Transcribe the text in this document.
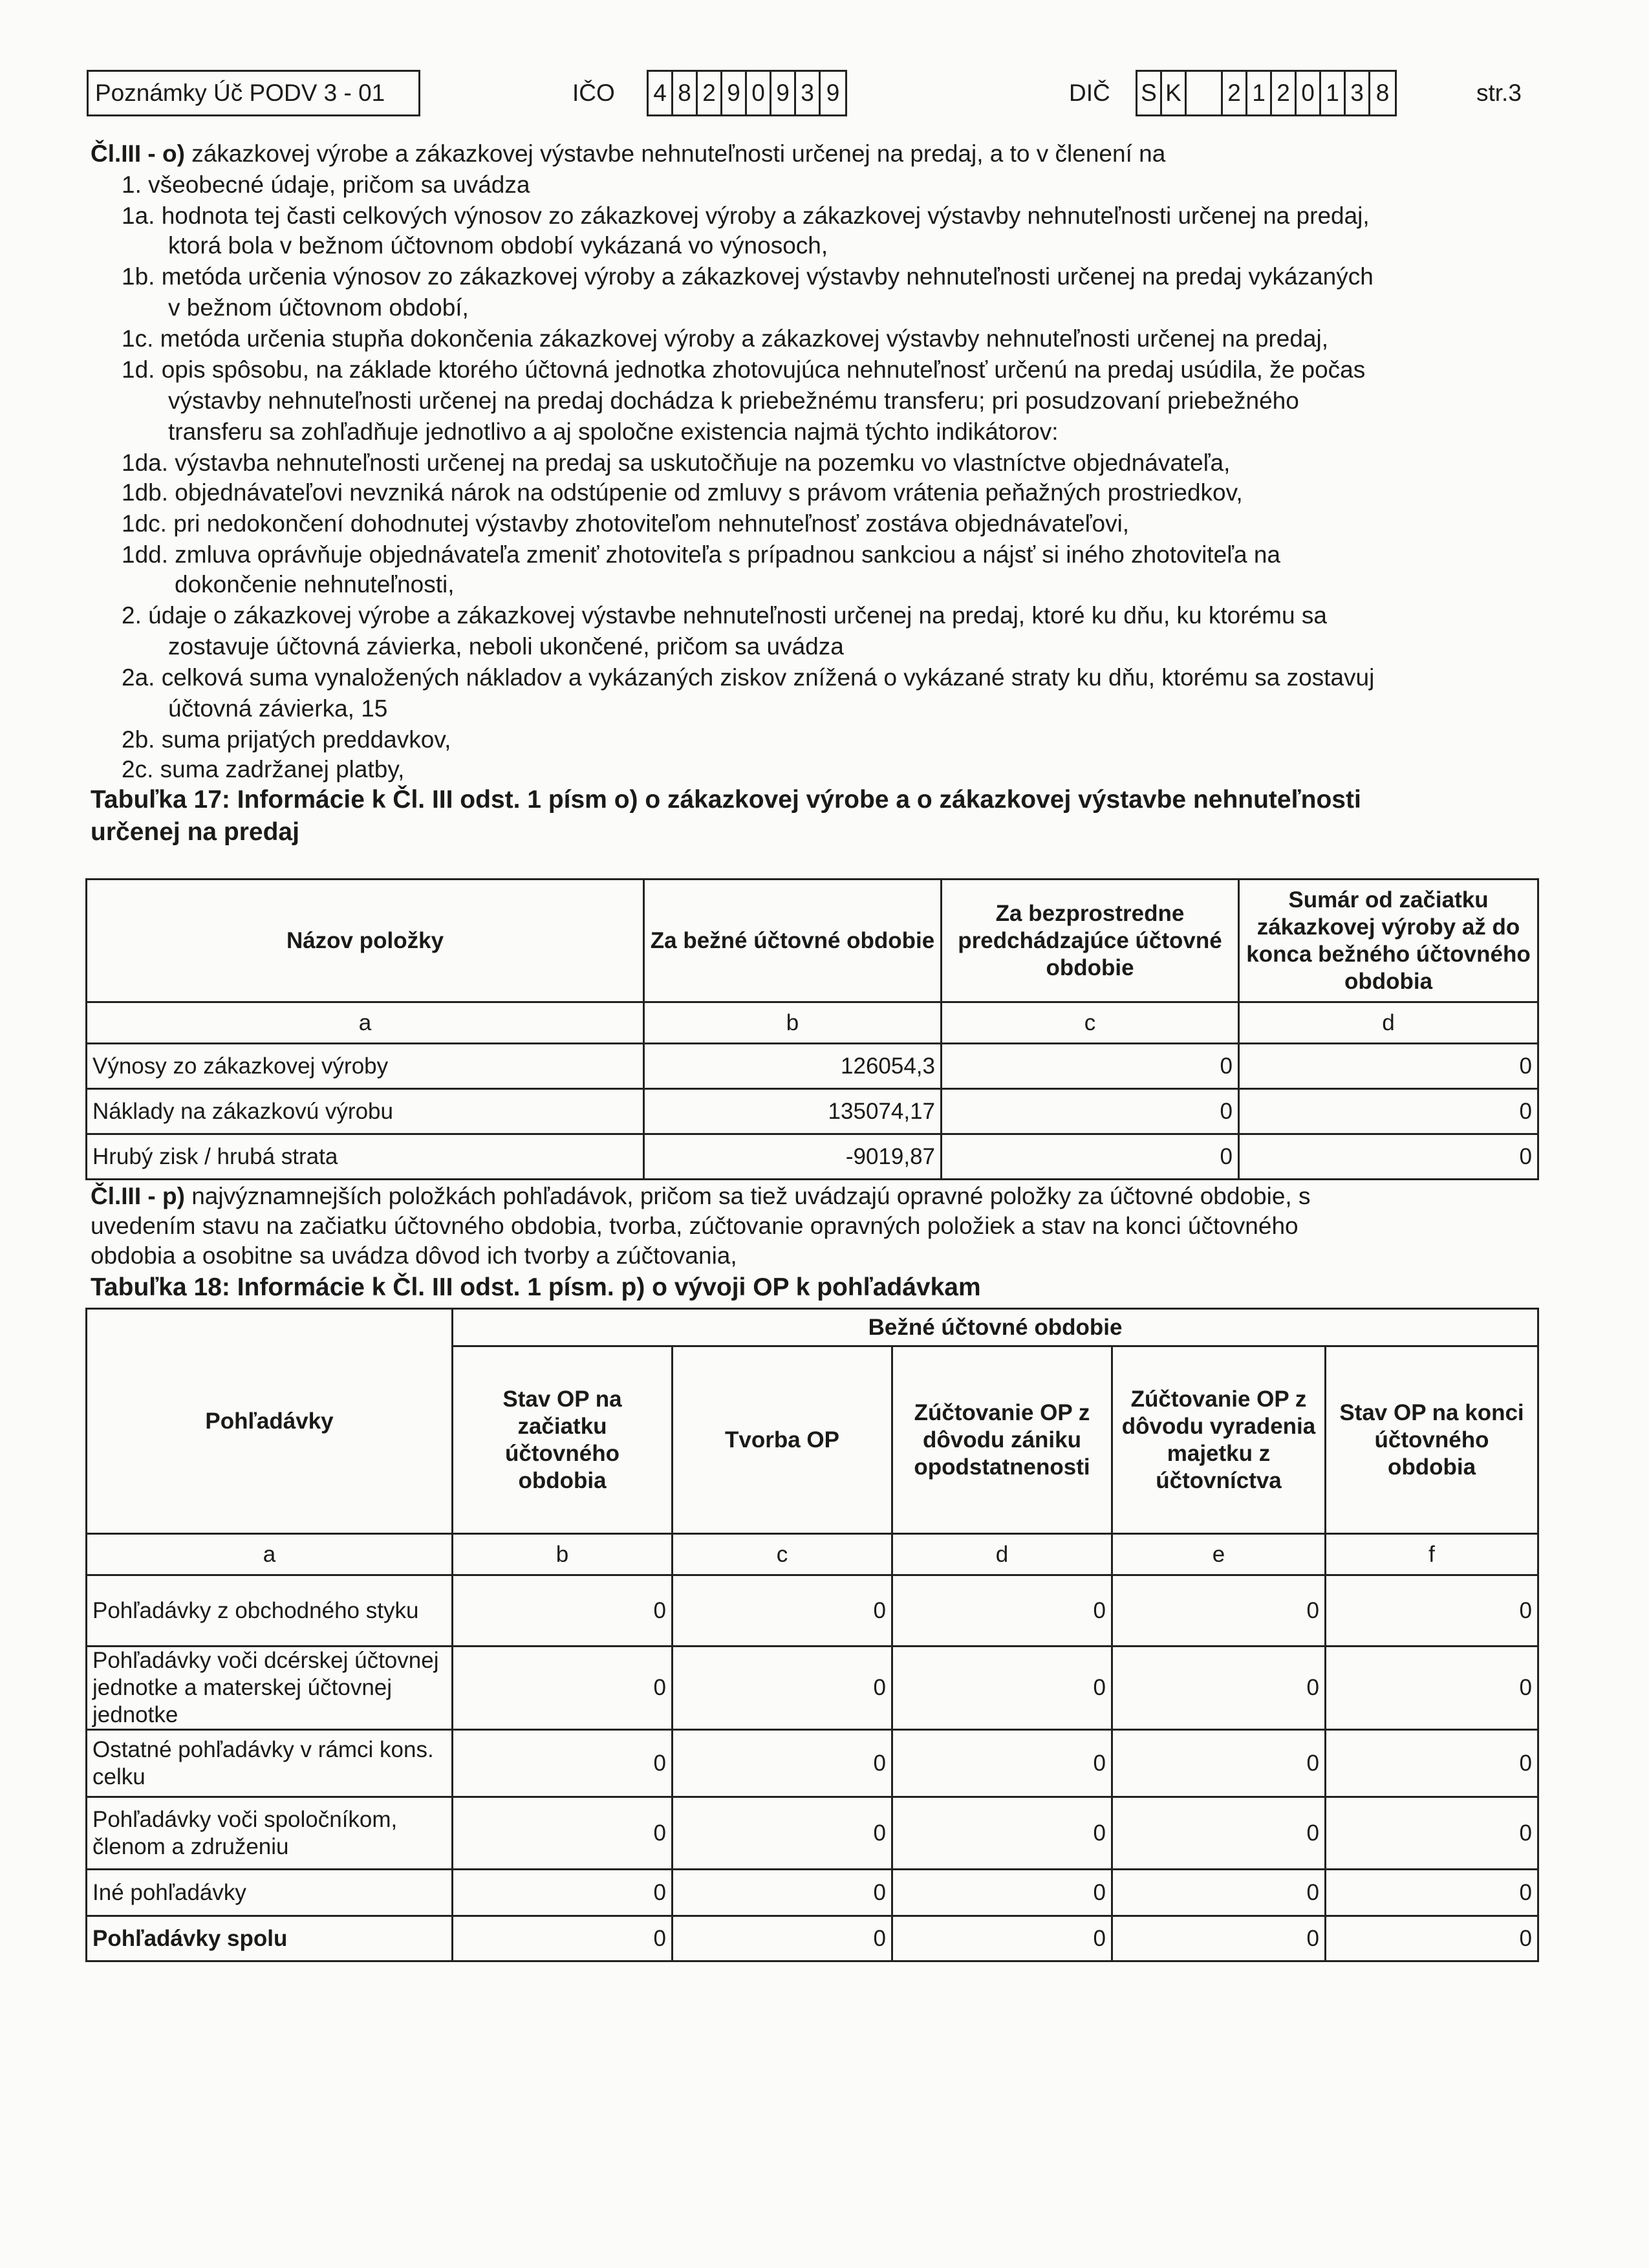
Poznámky Úč PODV 3 - 01	IČO 4 8 2 9 0 9 3 9	DIČ S K 2 1 2 0 1 3 8	str.3
Čl.III - o) zákazkovej výrobe a zákazkovej výstavbe nehnuteľnosti určenej na predaj, a to v členení na
1. všeobecné údaje, pričom sa uvádza
1a. hodnota tej časti celkových výnosov zo zákazkovej výroby a zákazkovej výstavby nehnuteľnosti určenej na predaj,
ktorá bola v bežnom účtovnom období vykázaná vo výnosoch,
1b. metóda určenia výnosov zo zákazkovej výroby a zákazkovej výstavby nehnuteľnosti určenej na predaj vykázaných
v bežnom účtovnom období,
1c. metóda určenia stupňa dokončenia zákazkovej výroby a zákazkovej výstavby nehnuteľnosti určenej na predaj,
1d. opis spôsobu, na základe ktorého účtovná jednotka zhotovujúca nehnuteľnosť určenú na predaj usúdila, že počas
výstavby nehnuteľnosti určenej na predaj dochádza k priebežnému transferu; pri posudzovaní priebežného
transferu sa zohľadňuje jednotlivo a aj spoločne existencia najmä týchto indikátorov:
1da. výstavba nehnuteľnosti určenej na predaj sa uskutočňuje na pozemku vo vlastníctve objednávateľa,
1db. objednávateľovi nevzniká nárok na odstúpenie od zmluvy s právom vrátenia peňažných prostriedkov,
1dc. pri nedokončení dohodnutej výstavby zhotoviteľom nehnuteľnosť zostáva objednávateľovi,
1dd. zmluva oprávňuje objednávateľa zmeniť zhotoviteľa s prípadnou sankciou a nájsť si iného zhotoviteľa na
dokončenie nehnuteľnosti,
2. údaje o zákazkovej výrobe a zákazkovej výstavbe nehnuteľnosti určenej na predaj, ktoré ku dňu, ku ktorému sa
zostavuje účtovná závierka, neboli ukončené, pričom sa uvádza
2a. celková suma vynaložených nákladov a vykázaných ziskov znížená o vykázané straty ku dňu, ktorému sa zostavuj
účtovná závierka, 15
2b. suma prijatých preddavkov,
2c. suma zadržanej platby,
Tabuľka 17: Informácie k Čl. III odst. 1 písm o) o zákazkovej výrobe a o zákazkovej výstavbe nehnuteľnosti
určenej na predaj
Názov položky	Za bežné účtovné obdobie	Za bezprostredne predchádzajúce účtovné obdobie	Sumár od začiatku zákazkovej výroby až do konca bežného účtovného obdobia
a	b	c	d
Výnosy zo zákazkovej výroby	126054,3	0	0
Náklady na zákazkovú výrobu	135074,17	0	0
Hrubý zisk / hrubá strata	-9019,87	0	0
Čl.III - p) najvýznamnejších položkách pohľadávok, pričom sa tiež uvádzajú opravné položky za účtovné obdobie, s
uvedením stavu na začiatku účtovného obdobia, tvorba, zúčtovanie opravných položiek a stav na konci účtovného
obdobia a osobitne sa uvádza dôvod ich tvorby a zúčtovania,
Tabuľka 18: Informácie k Čl. III odst. 1 písm. p) o vývoji OP k pohľadávkam
Pohľadávky	Bežné účtovné obdobie				
	Stav OP na začiatku účtovného obdobia	Tvorba OP	Zúčtovanie OP z dôvodu zániku opodstatnenosti	Zúčtovanie OP z dôvodu vyradenia majetku z účtovníctva	Stav OP na konci účtovného obdobia
a	b	c	d	e	f
Pohľadávky z obchodného styku	0	0	0	0	0
Pohľadávky voči dcérskej účtovnej jednotke a materskej účtovnej jednotke	0	0	0	0	0
Ostatné pohľadávky v rámci kons. celku	0	0	0	0	0
Pohľadávky voči spoločníkom, členom a združeniu	0	0	0	0	0
Iné pohľadávky	0	0	0	0	0
Pohľadávky spolu	0	0	0	0	0
